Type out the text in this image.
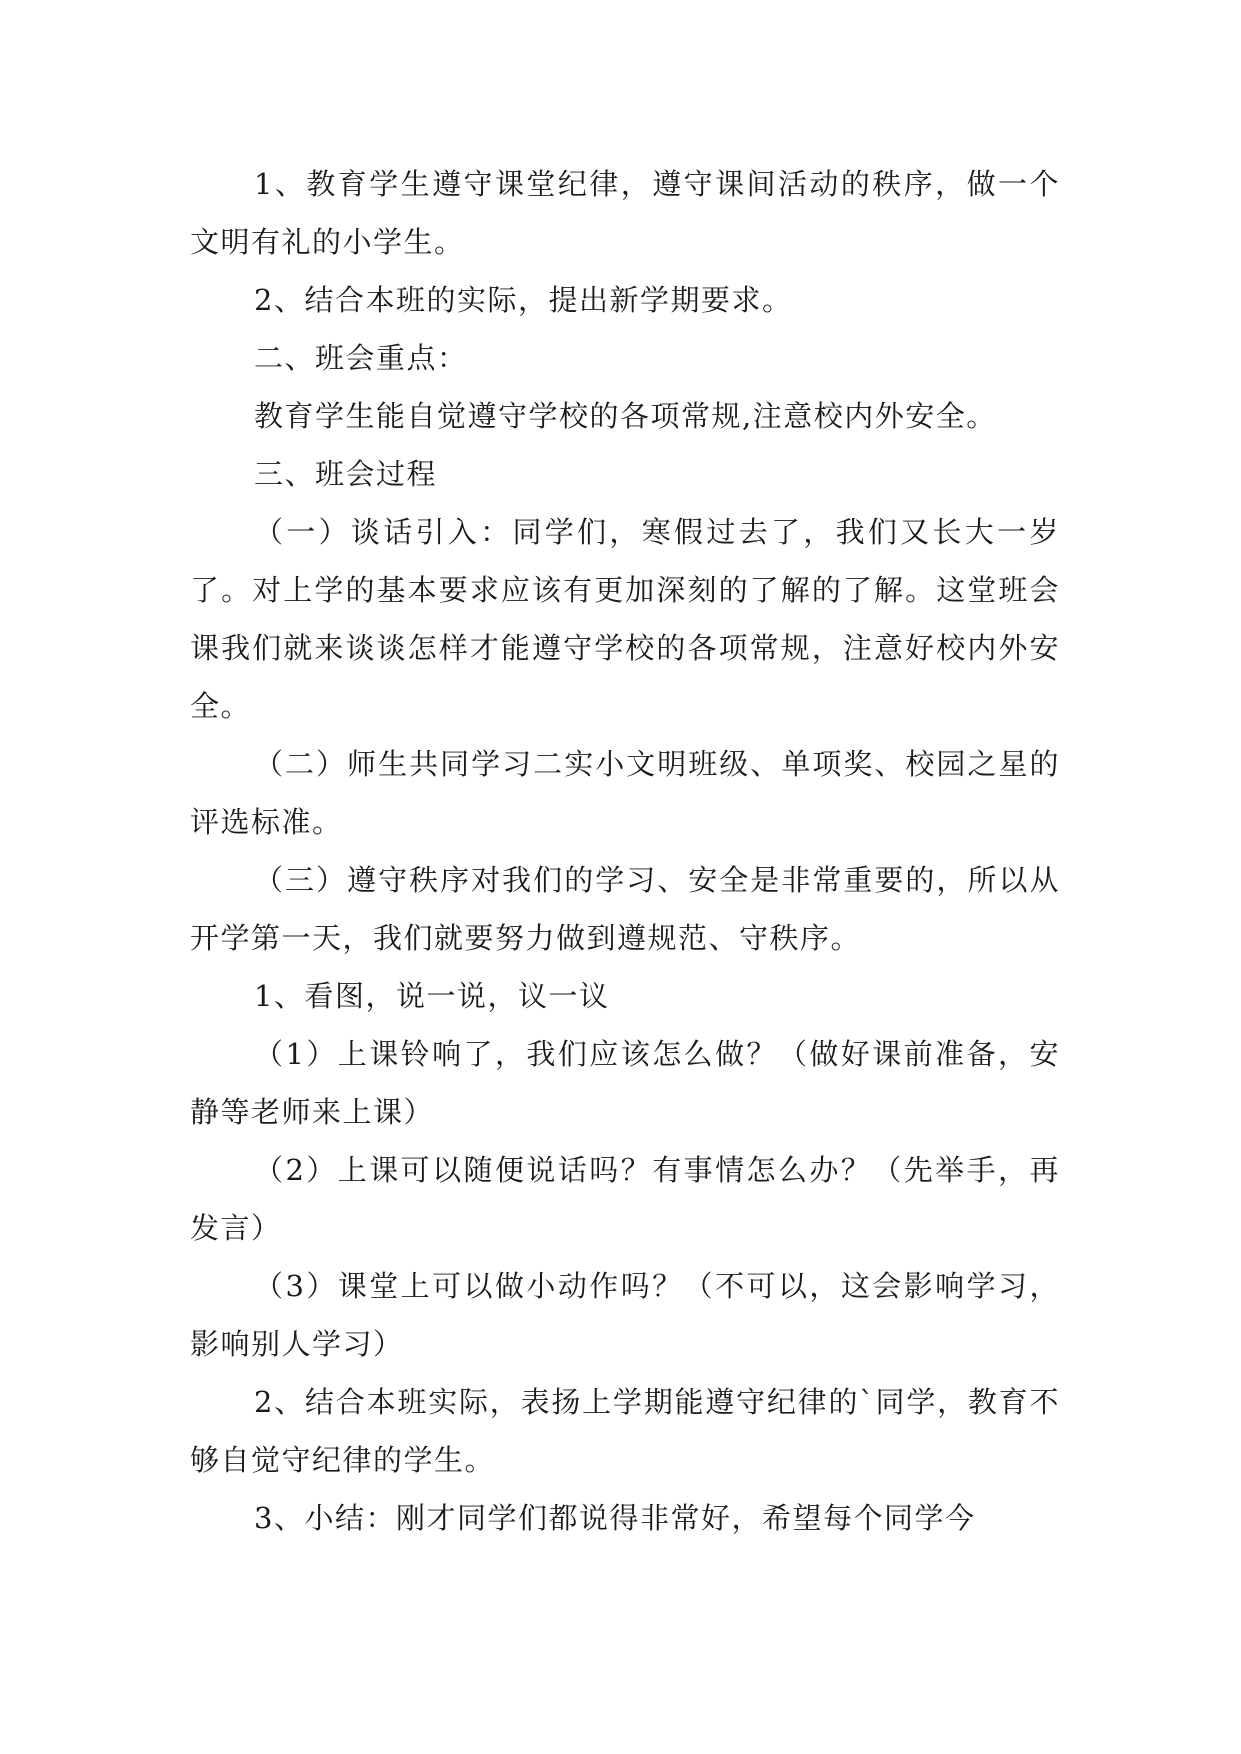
1、教育学生遵守课堂纪律，遵守课间活动的秩序，做一个文明有礼的小学生。

2、结合本班的实际，提出新学期要求。

二、班会重点：

教育学生能自觉遵守学校的各项常规,注意校内外安全。

三、班会过程

（一）谈话引入：同学们，寒假过去了，我们又长大一岁了。对上学的基本要求应该有更加深刻的了解的了解。这堂班会课我们就来谈谈怎样才能遵守学校的各项常规，注意好校内外安全。

（二）师生共同学习二实小文明班级、单项奖、校园之星的评选标准。

（三）遵守秩序对我们的学习、安全是非常重要的，所以从开学第一天，我们就要努力做到遵规范、守秩序。

1、看图，说一说，议一议

（1）上课铃响了，我们应该怎么做？（做好课前准备，安静等老师来上课）

（2）上课可以随便说话吗？有事情怎么办？（先举手，再发言）

（3）课堂上可以做小动作吗？（不可以，这会影响学习，影响别人学习）

2、结合本班实际，表扬上学期能遵守纪律的`同学，教育不够自觉守纪律的学生。

3、小结：刚才同学们都说得非常好，希望每个同学今
